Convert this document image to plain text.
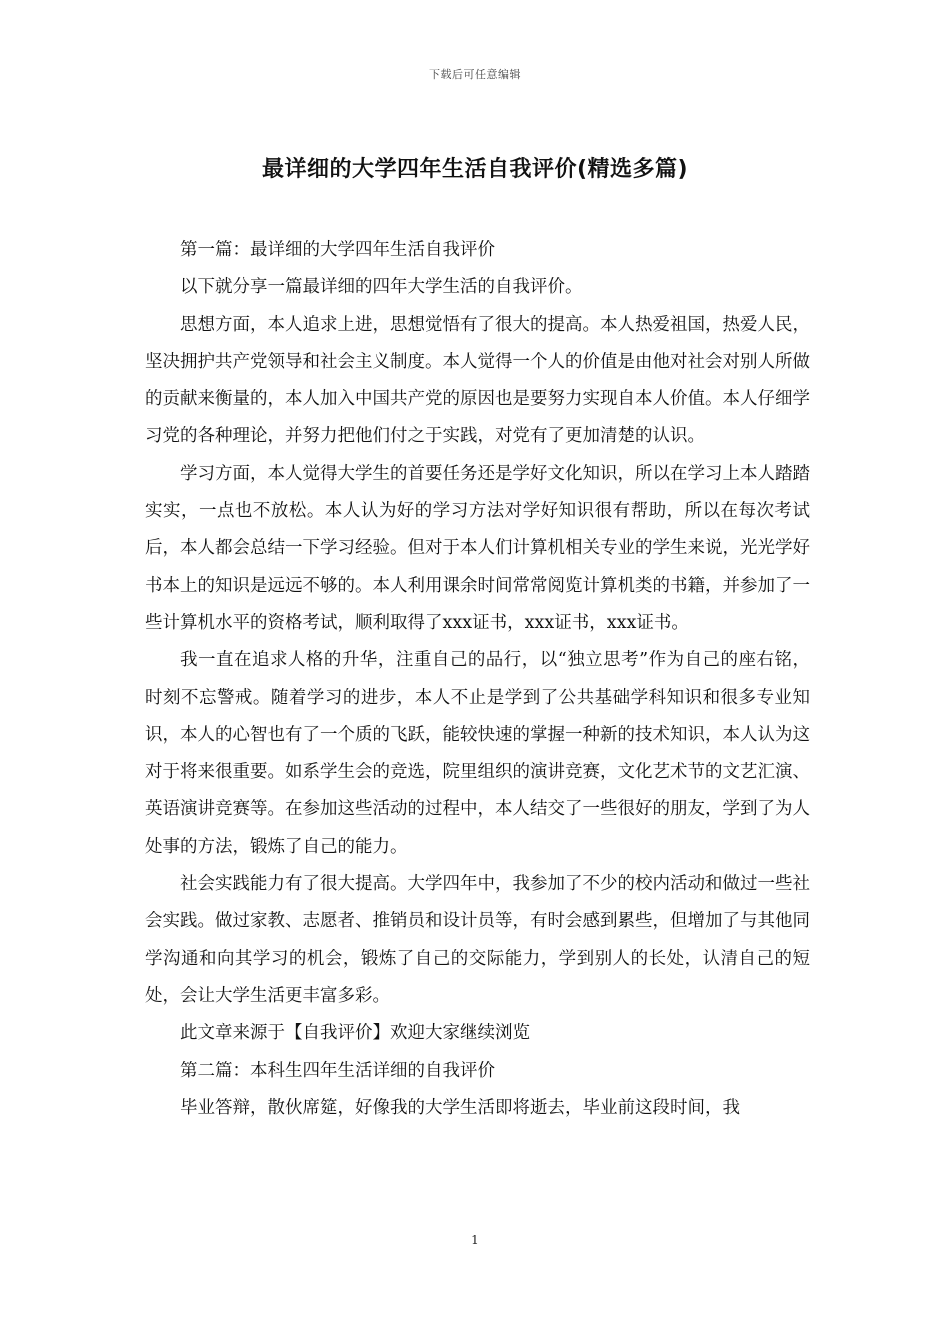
下载后可任意编辑
最详细的大学四年生活自我评价(精选多篇)

第一篇：最详细的大学四年生活自我评价

以下就分享一篇最详细的四年大学生活的自我评价。

思想方面，本人追求上进，思想觉悟有了很大的提高。本人热爱祖国，热爱人民，坚决拥护共产党领导和社会主义制度。本人觉得一个人的价值是由他对社会对别人所做的贡献来衡量的，本人加入中国共产党的原因也是要努力实现自本人价值。本人仔细学习党的各种理论，并努力把他们付之于实践，对党有了更加清楚的认识。

学习方面，本人觉得大学生的首要任务还是学好文化知识，所以在学习上本人踏踏实实，一点也不放松。本人认为好的学习方法对学好知识很有帮助，所以在每次考试后，本人都会总结一下学习经验。但对于本人们计算机相关专业的学生来说，光光学好书本上的知识是远远不够的。本人利用课余时间常常阅览计算机类的书籍，并参加了一些计算机水平的资格考试，顺利取得了xxx证书，xxx证书，xxx证书。

我一直在追求人格的升华，注重自己的品行，以“独立思考”作为自己的座右铭，时刻不忘警戒。随着学习的进步，本人不止是学到了公共基础学科知识和很多专业知识，本人的心智也有了一个质的飞跃，能较快速的掌握一种新的技术知识，本人认为这对于将来很重要。如系学生会的竞选，院里组织的演讲竞赛，文化艺术节的文艺汇演、英语演讲竞赛等。在参加这些活动的过程中，本人结交了一些很好的朋友，学到了为人处事的方法，锻炼了自己的能力。

社会实践能力有了很大提高。大学四年中，我参加了不少的校内活动和做过一些社会实践。做过家教、志愿者、推销员和设计员等，有时会感到累些，但增加了与其他同学沟通和向其学习的机会，锻炼了自己的交际能力，学到别人的长处，认清自己的短处，会让大学生活更丰富多彩。

此文章来源于【自我评价】欢迎大家继续浏览

第二篇：本科生四年生活详细的自我评价

毕业答辩，散伙席筵，好像我的大学生活即将逝去，毕业前这段时间，我

1
